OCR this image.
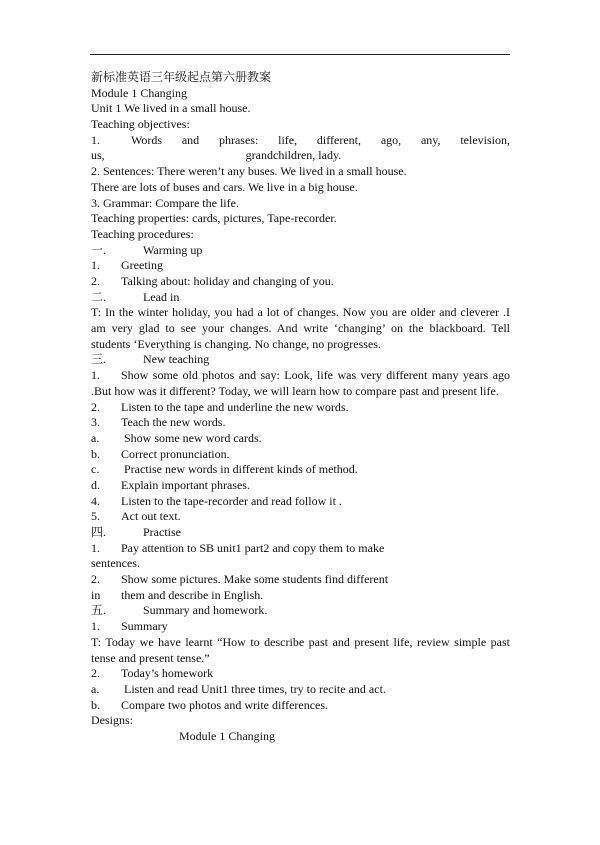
新标准英语三年级起点第六册教案
Module 1 Changing
Unit 1 We lived in a small house.
Teaching objectives:
1.	Words and phrases: life, different, ago, any, television,
us,	grandchildren, lady.
2. Sentences: There weren’t any buses. We lived in a small house.
There are lots of buses and cars. We live in a big house.
3. Grammar: Compare the life.
Teaching properties: cards, pictures, Tape-recorder.
Teaching procedures:
一.	Warming up
1. Greeting
2. Talking about: holiday and changing of you.
二.	Lead in
T: In the winter holiday, you had a lot of changes. Now you are older and cleverer .I am very glad to see your changes. And write ‘changing’ on the blackboard. Tell students ‘Everything is changing. No change, no progresses.
三.	New teaching
1. Show some old photos and say: Look, life was very different many years ago .But how was it different? Today, we will learn how to compare past and present life.
2. Listen to the tape and underline the new words.
3. Teach the new words.
a. Show some new word cards.
b. Correct pronunciation.
c. Practise new words in different kinds of method.
d. Explain important phrases.
4. Listen to the tape-recorder and read follow it .
5. Act out text.
四.	Practise
1. Pay attention to SB unit1 part2 and copy them to make
sentences.
2. Show some pictures. Make some students find different
in them and describe in English.
五.	Summary and homework.
1. Summary
T: Today we have learnt “How to describe past and present life, review simple past tense and present tense.”
2. Today’s homework
a. Listen and read Unit1 three times, try to recite and act.
b. Compare two photos and write differences.
Designs:
Module 1 Changing
